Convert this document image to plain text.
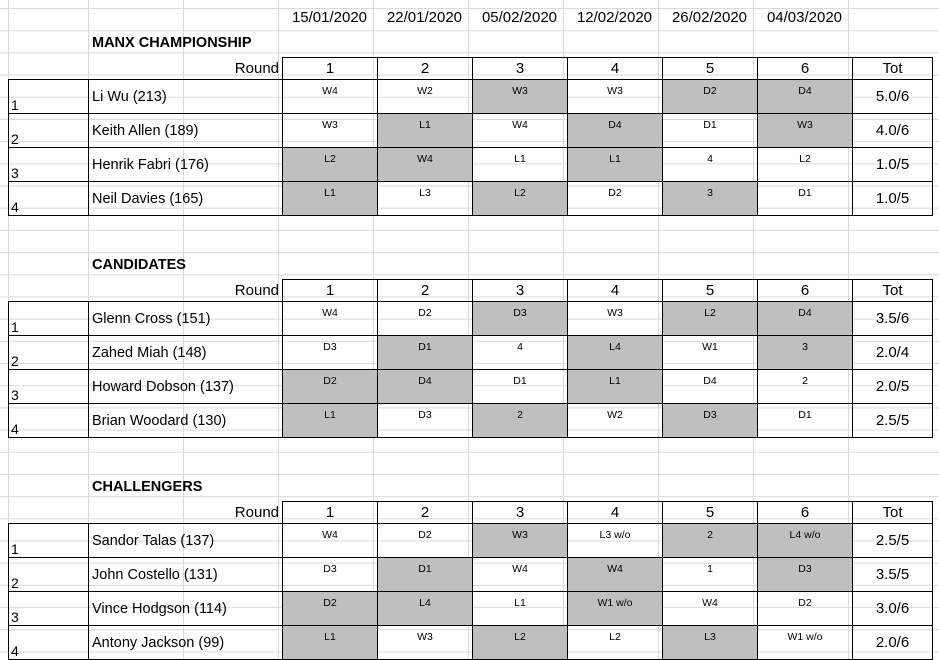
15/01/2020	22/01/2020	05/02/2020	12/02/2020	26/02/2020	04/03/2020
MANX CHAMPIONSHIP
	Round	1	2	3	4	5	6	Tot
1	Li Wu (213)	W4	W2	W3	W3	D2	D4	5.0/6
2	Keith Allen (189)	W3	L1	W4	D4	D1	W3	4.0/6
3	Henrik Fabri (176)	L2	W4	L1	L1	4	L2	1.0/5
4	Neil Davies (165)	L1	L3	L2	D2	3	D1	1.0/5
CANDIDATES
	Round	1	2	3	4	5	6	Tot
1	Glenn Cross (151)	W4	D2	D3	W3	L2	D4	3.5/6
2	Zahed Miah (148)	D3	D1	4	L4	W1	3	2.0/4
3	Howard Dobson (137)	D2	D4	D1	L1	D4	2	2.0/5
4	Brian Woodard (130)	L1	D3	2	W2	D3	D1	2.5/5
CHALLENGERS
	Round	1	2	3	4	5	6	Tot
1	Sandor Talas (137)	W4	D2	W3	L3 w/o	2	L4 w/o	2.5/5
2	John Costello (131)	D3	D1	W4	W4	1	D3	3.5/5
3	Vince Hodgson (114)	D2	L4	L1	W1 w/o	W4	D2	3.0/6
4	Antony Jackson (99)	L1	W3	L2	L2	L3	W1 w/o	2.0/6
